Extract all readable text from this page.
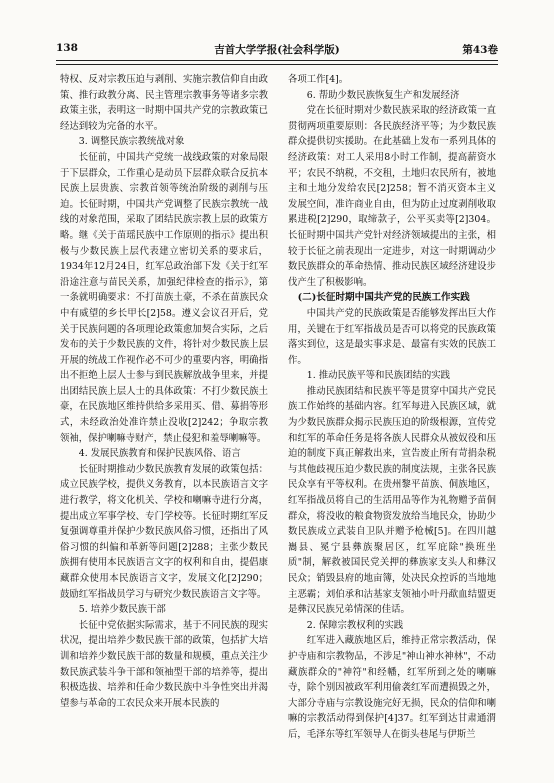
138	吉首大学学报(社会科学版)	第43卷

特权、反对宗教压迫与剥削、实施宗教信仰自由政策、推行政教分离、民主管理宗教事务等诸多宗教政策主张，表明这一时期中国共产党的宗教政策已经达到较为完备的水平。

3. 调整民族宗教统战对象

长征前，中国共产党统一战线政策的对象局限于下层群众，工作重心是动员下层群众联合反抗本民族上层贵族、宗教首领等统治阶级的剥削与压迫。长征时期，中国共产党调整了民族宗教统一战线的对象范围，采取了团结民族宗教上层的政策方略。继《关于苗瑶民族中工作原则的指示》提出积极与少数民族上层代表建立密切关系的要求后，1934年12月24日，红军总政治部下发《关于红军沿途注意与苗民关系，加强纪律检查的指示》，第一条就明确要求：不打苗族土豪，不杀在苗族民众中有威望的乡长甲长[2]58。遵义会议召开后，党关于民族问题的各项理论政策愈加契合实际，之后发布的关于少数民族的文件，将针对少数民族上层开展的统战工作视作必不可少的重要内容，明确指出不拒绝上层人士参与到民族解放战争里来，并提出团结民族上层人士的具体政策：不打少数民族土豪，在民族地区维持供给多采用买、借、募捐等形式，未经政治处准许禁止没收[2]242；争取宗教领袖，保护喇嘛寺财产，禁止侵犯和羞辱喇嘛等。

4. 发展民族教育和保护民族风俗、语言

长征时期推动少数民族教育发展的政策包括：成立民族学校，提供义务教育，以本民族语言文字进行教学，将文化机关、学校和喇嘛寺进行分离，提出成立军事学校、专门学校等。长征时期红军反复强调尊重并保护少数民族风俗习惯，还指出了风俗习惯的纠偏和革新等问题[2]288；主张少数民族拥有使用本民族语言文字的权利和自由，提倡康藏群众使用本民族语言文字，发展文化[2]290；鼓励红军指战员学习与研究少数民族语言文字等。

5. 培养少数民族干部

长征中党依据实际需求，基于不同民族的现实状况，提出培养少数民族干部的政策，包括扩大培训和培养少数民族干部的数量和规模，重点关注少数民族武装斗争干部和领袖型干部的培养等，提出积极选拔、培养和任命少数民族中斗争性突出并渴望参与革命的工农民众来开展本民族的

各项工作[4]。

6. 帮助少数民族恢复生产和发展经济

党在长征时期对少数民族采取的经济政策一直贯彻两项重要原则：各民族经济平等；为少数民族群众提供切实援助。在此基础上发布一系列具体的经济政策：对工人采用8小时工作制，提高薪资水平；农民不纳税，不交租，土地归农民所有，被地主和土地分发给农民[2]258；暂不消灭资本主义发展空间，准许商业自由，但为防止过度剥削收取累进税[2]290，取缔款子，公平买卖等[2]304。长征时期中国共产党针对经济领域提出的主张，相较于长征之前表现出一定进步，对这一时期调动少数民族群众的革命热情、推动民族区域经济建设步伐产生了积极影响。

(二)长征时期中国共产党的民族工作实践

中国共产党的民族政策是否能够发挥出巨大作用，关键在于红军指战员是否可以将党的民族政策落实到位，这是最实事求是、最富有实效的民族工作。

1. 推动民族平等和民族团结的实践

推动民族团结和民族平等是贯穿中国共产党民族工作始终的基础内容。红军每进入民族区域，就为少数民族群众揭示民族压迫的阶级根源，宣传党和红军的革命任务是将各族人民群众从被奴役和压迫的制度下真正解救出来，宣告废止所有苛捐杂税与其他歧视压迫少数民族的制度法规，主张各民族民众享有平等权利。在贵州黎平苗族、侗族地区，红军指战员将自己的生活用品等作为礼物赠予苗侗群众，将没收的粮食物资发放给当地民众，协助少数民族成立武装自卫队并赠予枪械[5]。在四川越巂县、冕宁县彝族聚居区，红军庇除"换班坐质"制，解救被国民党关押的彝族家支头人和彝汉民众；销毁县府的地亩簿，处决民众控诉的当地地主恶霸；刘伯承和沽基家支领袖小叶丹歃血结盟更是彝汉民族兄弟情深的佳话。

2. 保障宗教权利的实践

红军进入藏族地区后，维持正常宗教活动，保护寺庙和宗教物品，不涉足"神山神水神林"，不动藏族群众的"神符"和经幡，红军所到之处的喇嘛寺，除个别因被政军利用偷袭红军而遭损毁之外，大部分寺庙与宗教设施完好无损，民众的信仰和喇嘛的宗教活动得到保护[4]37。红军到达甘肃通渭后，毛泽东等红军领导人在街头巷尾与伊斯兰
